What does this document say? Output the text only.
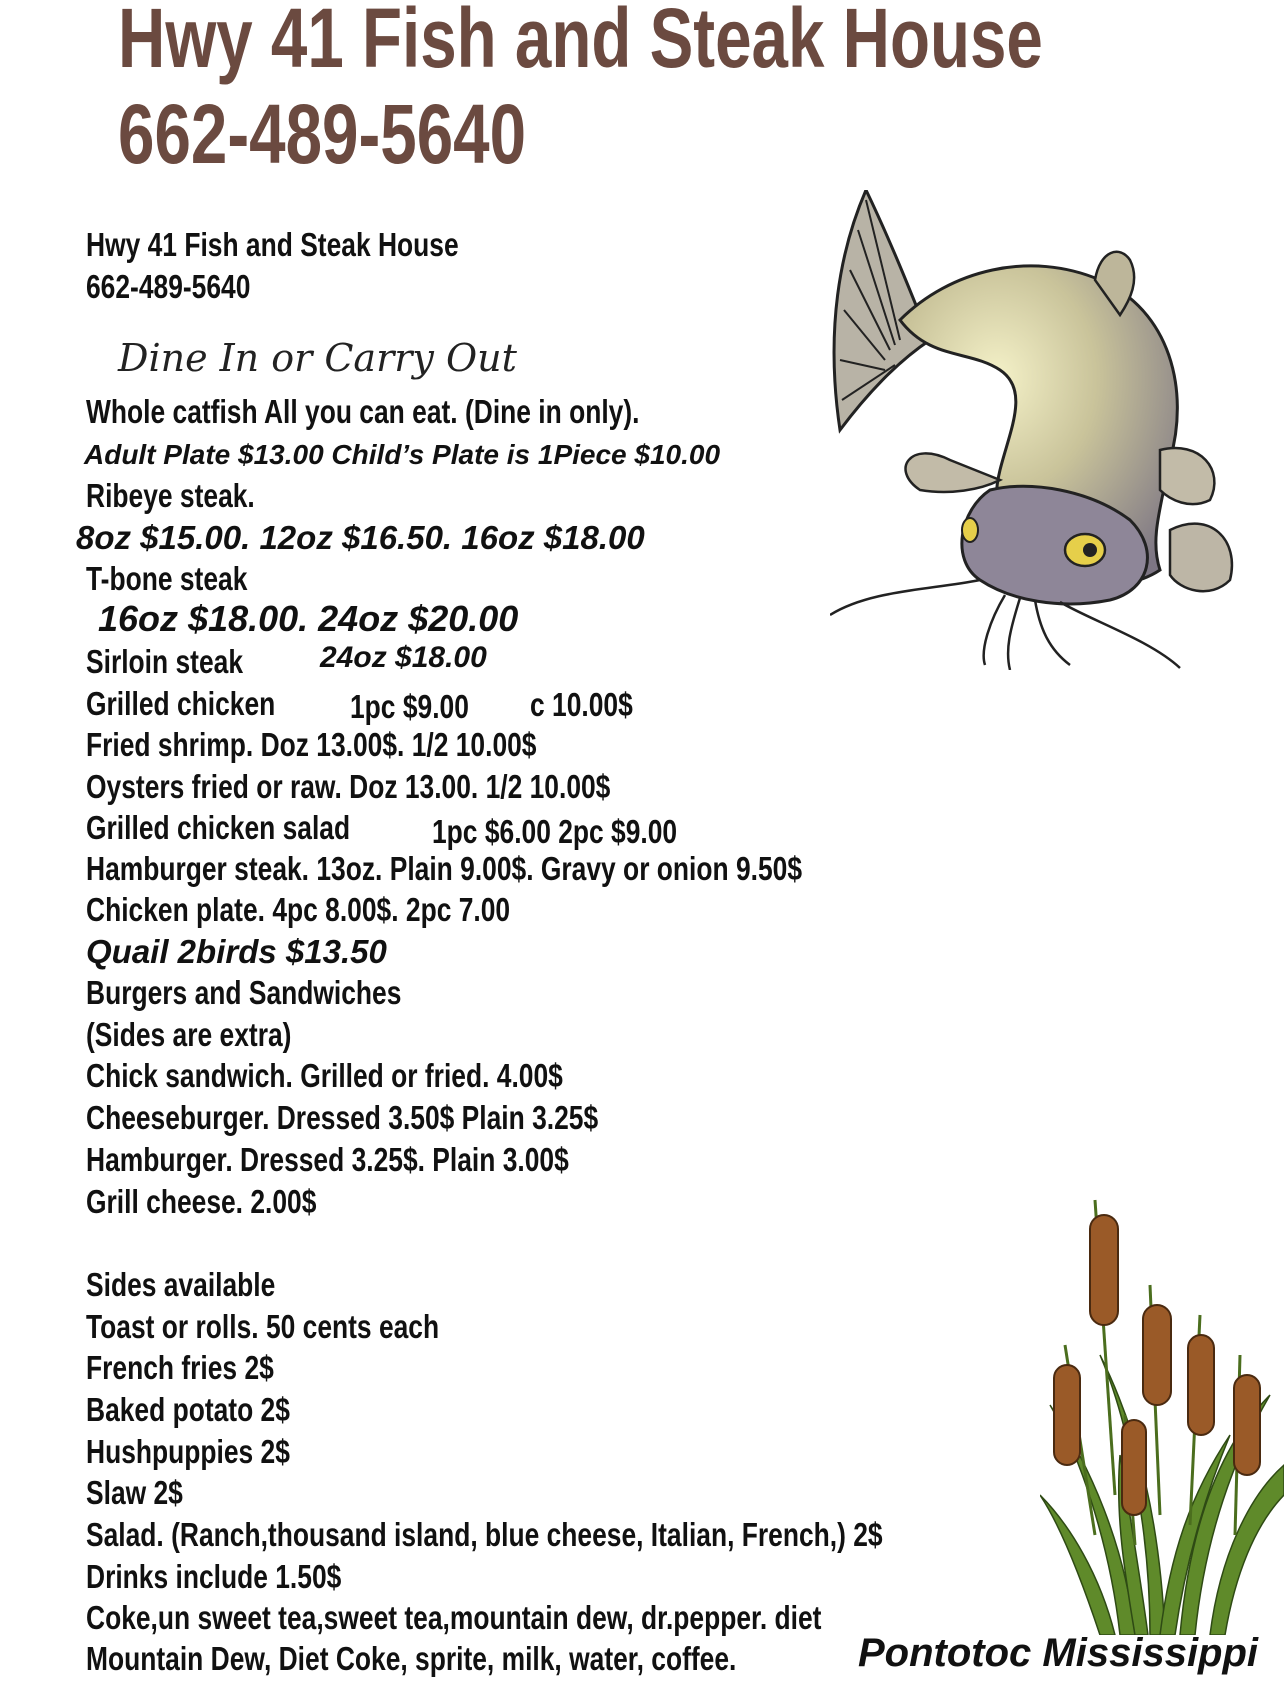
Hwy 41 Fish and Steak House
662-489-5640

Hwy 41 Fish and Steak House

662-489-5640

Dine In or Carry Out

Whole catfish All you can eat. (Dine in only).

Adult Plate $13.00 Child’s Plate is 1Piece $10.00

Ribeye steak.

8oz $15.00. 12oz $16.50. 16oz $18.00

T-bone steak

16oz $18.00. 24oz $20.00

Sirloin steak	24oz $18.00

Grilled chicken 1pc $9.00 c 10.00$

Fried shrimp. Doz 13.00$. 1/2 10.00$

Oysters fried or raw. Doz 13.00. 1/2 10.00$

Grilled chicken salad 1pc $6.00 2pc $9.00

Hamburger steak. 13oz. Plain 9.00$. Gravy or onion 9.50$

Chicken plate. 4pc 8.00$. 2pc 7.00

Quail 2birds $13.50

Burgers and Sandwiches

(Sides are extra)

Chick sandwich. Grilled or fried. 4.00$

Cheeseburger. Dressed 3.50$ Plain 3.25$

Hamburger. Dressed 3.25$. Plain 3.00$

Grill cheese. 2.00$

Sides available

Toast or rolls. 50 cents each

French fries 2$

Baked potato 2$

Hushpuppies 2$

Slaw 2$

Salad. (Ranch,thousand island, blue cheese, Italian, French,) 2$

Drinks include 1.50$

Coke,un sweet tea,sweet tea,mountain dew, dr.pepper. diet

Mountain Dew, Diet Coke, sprite, milk, water, coffee.	Pontotoc Mississippi
